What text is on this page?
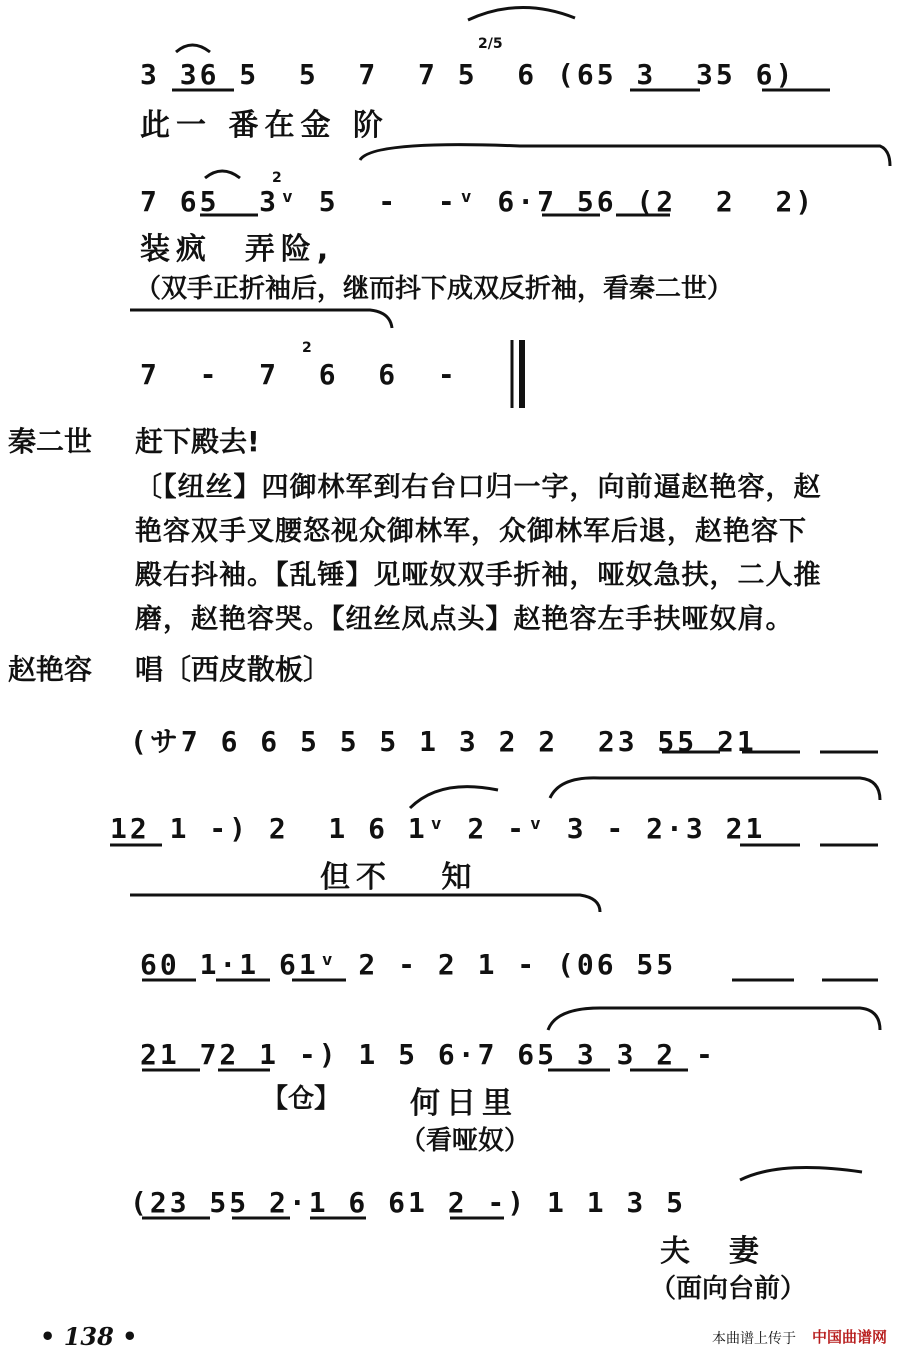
3 36 5  5  7  7 5  6 (65 3  35 6)
2/5
此一 番在金 阶
7 65  3ᵛ 5  -  -ᵛ 6·7 56 (2  2  2)
2
装疯  弄险,
（双手正折袖后，继而抖下成双反折袖，看秦二世）
7  -  7  6  6  -
2
秦二世 赶下殿去!
〔【纽丝】四御林军到右台口归一字，向前逼赵艳容，赵
艳容双手叉腰怒视众御林军，众御林军后退，赵艳容下
殿右抖袖。【乱锤】见哑奴双手折袖，哑奴急扶，二人推
磨，赵艳容哭。【纽丝凤点头】赵艳容左手扶哑奴肩。
赵艳容 唱〔西皮散板〕
(サ7 6 6 5 5 5 1 3 2 2  23 55 21
12 1 -) 2  1 6 1ᵛ 2 -ᵛ 3 - 2·3 21
但不   知
60 1·1 61ᵛ 2 - 2 1 - (06 55
21 72 1 -) 1 5 6·7 65 3 3 2 -
【仓】 何日里
（看哑奴）
(23 55 2·1 6 61 2 -) 1 1 3 5
夫  妻
（面向台前）
• 138 •	本曲谱上传于 中国曲谱网
